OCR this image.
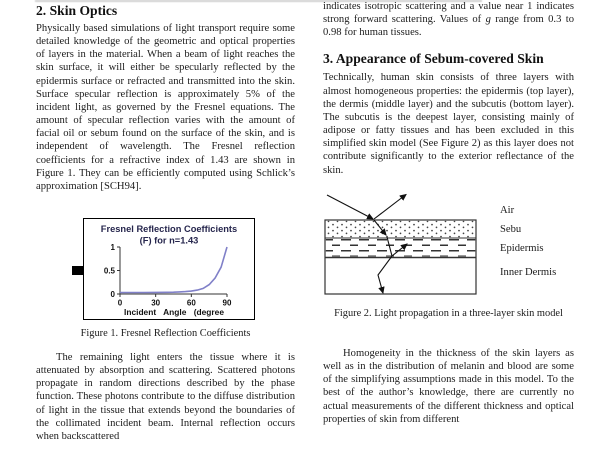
2. Skin Optics

Physically based simulations of light transport require some detailed knowledge of the geometric and optical properties of layers in the material. When a beam of light reaches the skin surface, it will either be specularly reflected by the epidermis surface or refracted and transmitted into the skin. Surface specular reflection is approximately 5% of the incident light, as governed by the Fresnel equations. The amount of specular reflection varies with the amount of facial oil or sebum found on the surface of the skin, and is independent of wavelength. The Fresnel reflection coefficients for a refractive index of 1.43 are shown in Figure 1. They can be efficiently computed using Schlick’s approximation [SCH94].

Fresnel Reflection Coefficients
(F) for n=1.43
0	30	60	90
0
0.5
1
Incident Angle (degree

Figure 1. Fresnel Reflection Coefficients

The remaining light enters the tissue where it is attenuated by absorption and scattering. Scattered photons propagate in random directions described by the phase function. These photons contribute to the diffuse distribution of light in the tissue that extends beyond the boundaries of the collimated incident beam. Internal reflection occurs when backscattered

indicates isotropic scattering and a value near 1 indicates strong forward scattering. Values of g range from 0.3 to 0.98 for human tissues.

3. Appearance of Sebum-covered Skin

Technically, human skin consists of three layers with almost homogeneous properties: the epidermis (top layer), the dermis (middle layer) and the subcutis (bottom layer). The subcutis is the deepest layer, consisting mainly of adipose or fatty tissues and has been excluded in this simplified skin model (See Figure 2) as this layer does not contribute significantly to the exterior reflectance of the skin.

Air
Sebu
Epidermis
Inner Dermis

Figure 2. Light propagation in a three-layer skin model

Homogeneity in the thickness of the skin layers as well as in the distribution of melanin and blood are some of the simplifying assumptions made in this model. To the best of the author’s knowledge, there are currently no actual measurements of the different thickness and optical properties of skin from different
